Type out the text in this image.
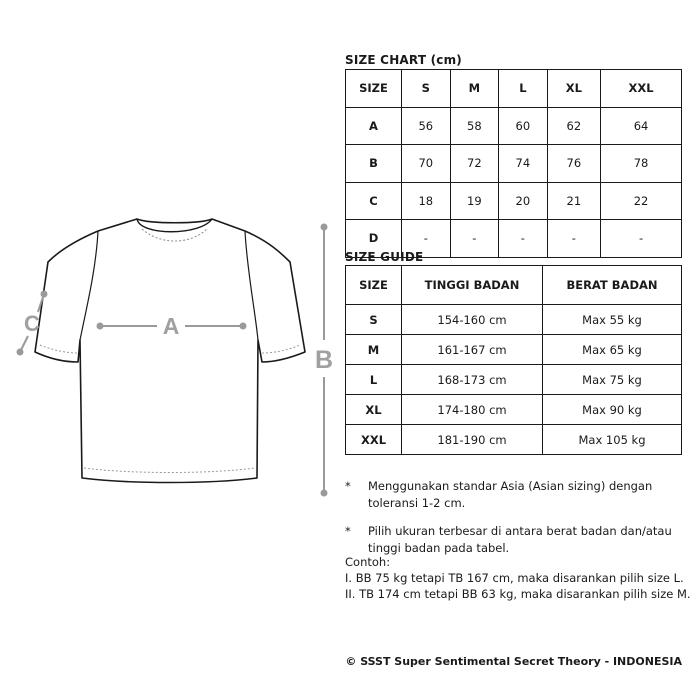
A
B
C
SIZE CHART (cm)
SIZE	S	M	L	XL	XXL
A	56	58	60	62	64
B	70	72	74	76	78
C	18	19	20	21	22
D	-	-	-	-	-
SIZE GUIDE
SIZE	TINGGI BADAN	BERAT BADAN
S	154-160 cm	Max 55 kg
M	161-167 cm	Max 65 kg
L	168-173 cm	Max 75 kg
XL	174-180 cm	Max 90 kg
XXL	181-190 cm	Max 105 kg
*	Menggunakan standar Asia (Asian sizing) dengan toleransi 1-2 cm.
*	Pilih ukuran terbesar di antara berat badan dan/atau tinggi badan pada tabel.
Contoh:
I. BB 75 kg tetapi TB 167 cm, maka disarankan pilih size L.
II. TB 174 cm tetapi BB 63 kg, maka disarankan pilih size M.
© SSST Super Sentimental Secret Theory - INDONESIA
